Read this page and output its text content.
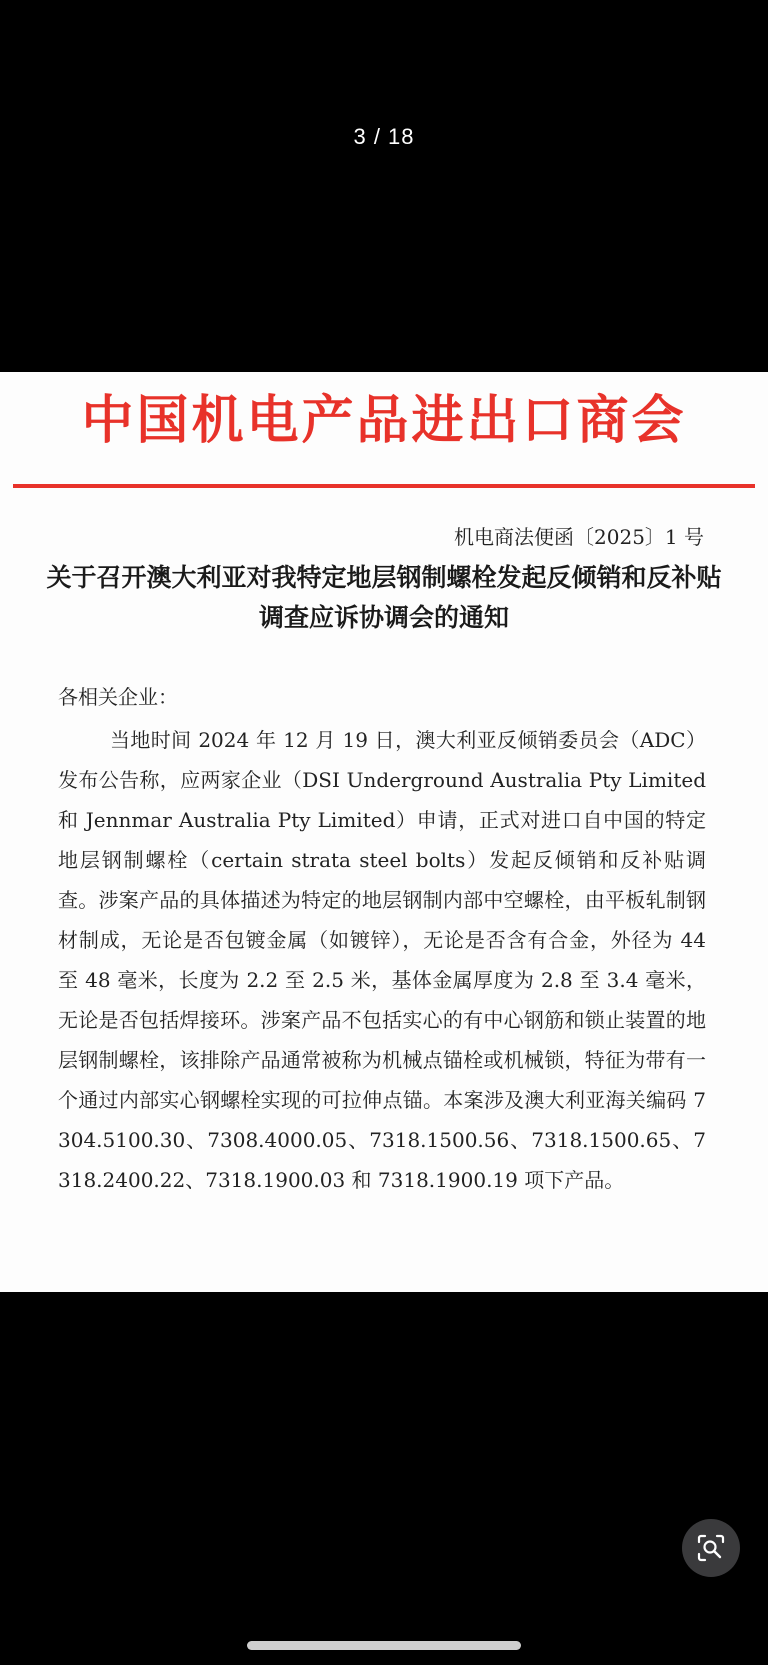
3 / 18
中国机电产品进出口商会
机电商法便函〔2025〕1 号
关于召开澳大利亚对我特定地层钢制螺栓发起反倾销和反补贴调查应诉协调会的通知
各相关企业：

当地时间 2024 年 12 月 19 日，澳大利亚反倾销委员会（ADC）发布公告称，应两家企业（DSI Underground Australia Pty Limited 和 Jennmar Australia Pty Limited）申请，正式对进口自中国的特定地层钢制螺栓（certain strata steel bolts）发起反倾销和反补贴调查。涉案产品的具体描述为特定的地层钢制内部中空螺栓，由平板轧制钢材制成，无论是否包镀金属（如镀锌），无论是否含有合金，外径为 44 至 48 毫米，长度为 2.2 至 2.5 米，基体金属厚度为 2.8 至 3.4 毫米，无论是否包括焊接环。涉案产品不包括实心的有中心钢筋和锁止装置的地层钢制螺栓，该排除产品通常被称为机械点锚栓或机械锁，特征为带有一个通过内部实心钢螺栓实现的可拉伸点锚。本案涉及澳大利亚海关编码 7304.5100.30、7308.4000.05、7318.1500.56、7318.1500.65、7318.2400.22、7318.1900.03 和 7318.1900.19 项下产品。
